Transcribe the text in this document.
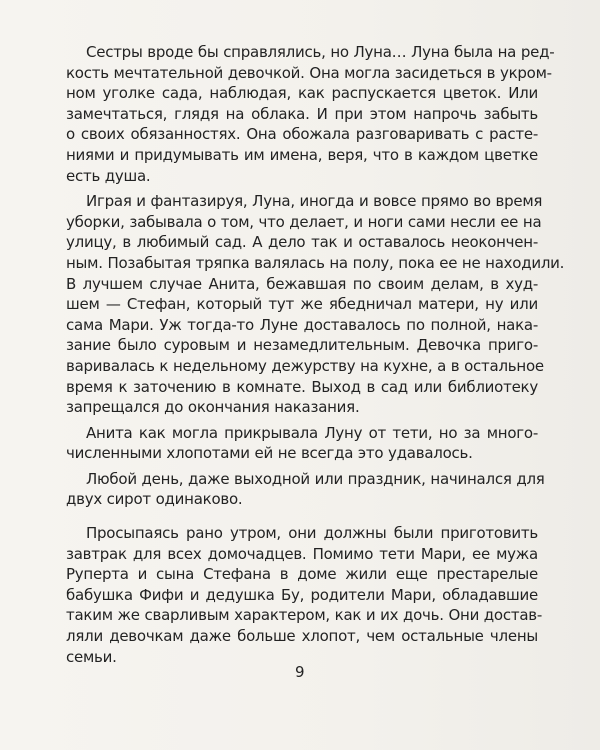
Сестры вроде бы справлялись, но Луна… Луна была на ред-
кость мечтательной девочкой. Она могла засидеться в укром-
ном уголке сада, наблюдая, как распускается цветок. Или
замечтаться, глядя на облака. И при этом напрочь забыть
о своих обязанностях. Она обожала разговаривать с расте-
ниями и придумывать им имена, веря, что в каждом цветке
есть душа.

Играя и фантазируя, Луна, иногда и вовсе прямо во время
уборки, забывала о том, что делает, и ноги сами несли ее на
улицу, в любимый сад. А дело так и оставалось неокончен-
ным. Позабытая тряпка валялась на полу, пока ее не находили.
В лучшем случае Анита, бежавшая по своим делам, в худ-
шем — Стефан, который тут же ябедничал матери, ну или
сама Мари. Уж тогда-то Луне доставалось по полной, нака-
зание было суровым и незамедлительным. Девочка приго-
варивалась к недельному дежурству на кухне, а в остальное
время к заточению в комнате. Выход в сад или библиотеку
запрещался до окончания наказания.

Анита как могла прикрывала Луну от тети, но за много-
численными хлопотами ей не всегда это удавалось.

Любой день, даже выходной или праздник, начинался для
двух сирот одинаково.

Просыпаясь рано утром, они должны были приготовить
завтрак для всех домочадцев. Помимо тети Мари, ее мужа
Руперта и сына Стефана в доме жили еще престарелые
бабушка Фифи и дедушка Бу, родители Мари, обладавшие
таким же сварливым характером, как и их дочь. Они достав-
ляли девочкам даже больше хлопот, чем остальные члены
семьи.

9
